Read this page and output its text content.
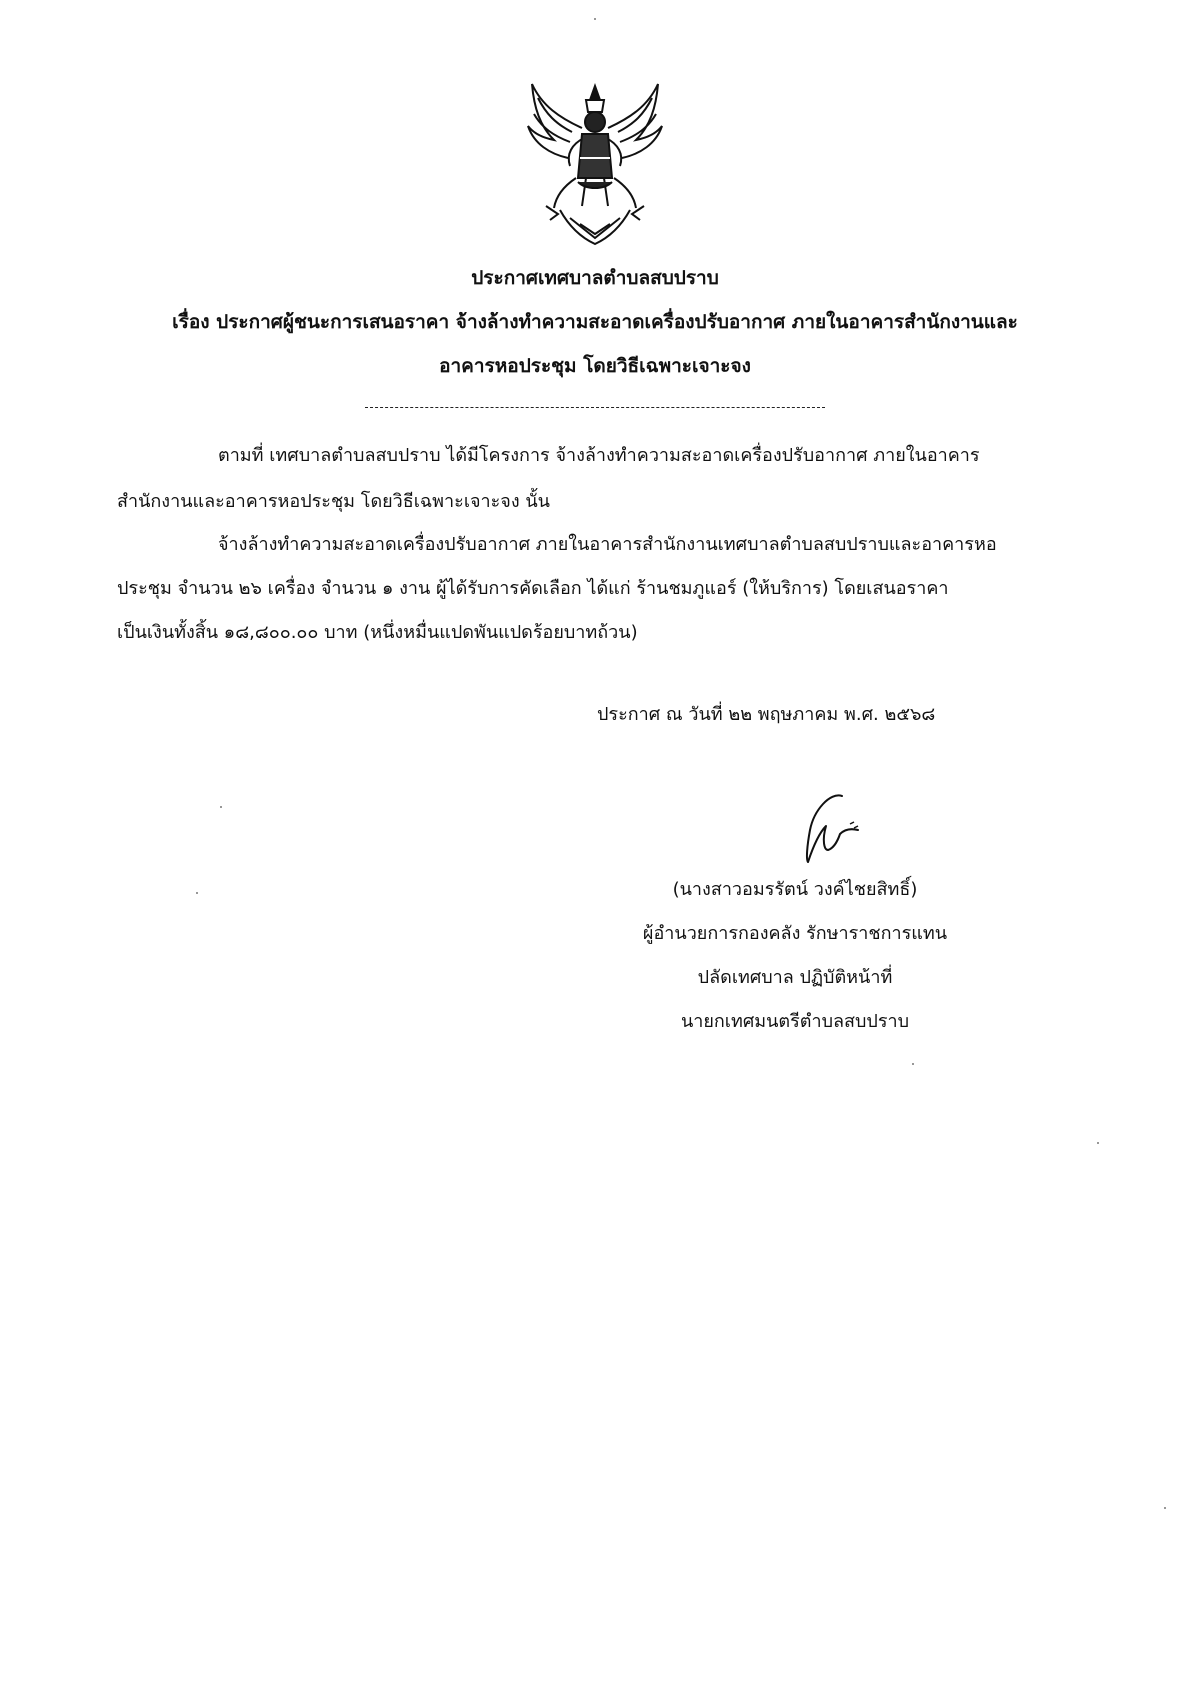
ประกาศเทศบาลตำบลสบปราบ
เรื่อง ประกาศผู้ชนะการเสนอราคา จ้างล้างทำความสะอาดเครื่องปรับอากาศ ภายในอาคารสำนักงานและ
อาคารหอประชุม โดยวิธีเฉพาะเจาะจง
ตามที่ เทศบาลตำบลสบปราบ ได้มีโครงการ จ้างล้างทำความสะอาดเครื่องปรับอากาศ ภายในอาคาร
สำนักงานและอาคารหอประชุม โดยวิธีเฉพาะเจาะจง นั้น
จ้างล้างทำความสะอาดเครื่องปรับอากาศ ภายในอาคารสำนักงานเทศบาลตำบลสบปราบและอาคารหอ
ประชุม จำนวน ๒๖ เครื่อง จำนวน ๑ งาน ผู้ได้รับการคัดเลือก ได้แก่ ร้านชมภูแอร์ (ให้บริการ) โดยเสนอราคา
เป็นเงินทั้งสิ้น ๑๘,๘๐๐.๐๐ บาท (หนึ่งหมื่นแปดพันแปดร้อยบาทถ้วน)
ประกาศ ณ วันที่ ๒๒ พฤษภาคม พ.ศ. ๒๕๖๘
(นางสาวอมรรัตน์ วงค์ไชยสิทธิ์)
ผู้อำนวยการกองคลัง รักษาราชการแทน
ปลัดเทศบาล ปฏิบัติหน้าที่
นายกเทศมนตรีตำบลสบปราบ
